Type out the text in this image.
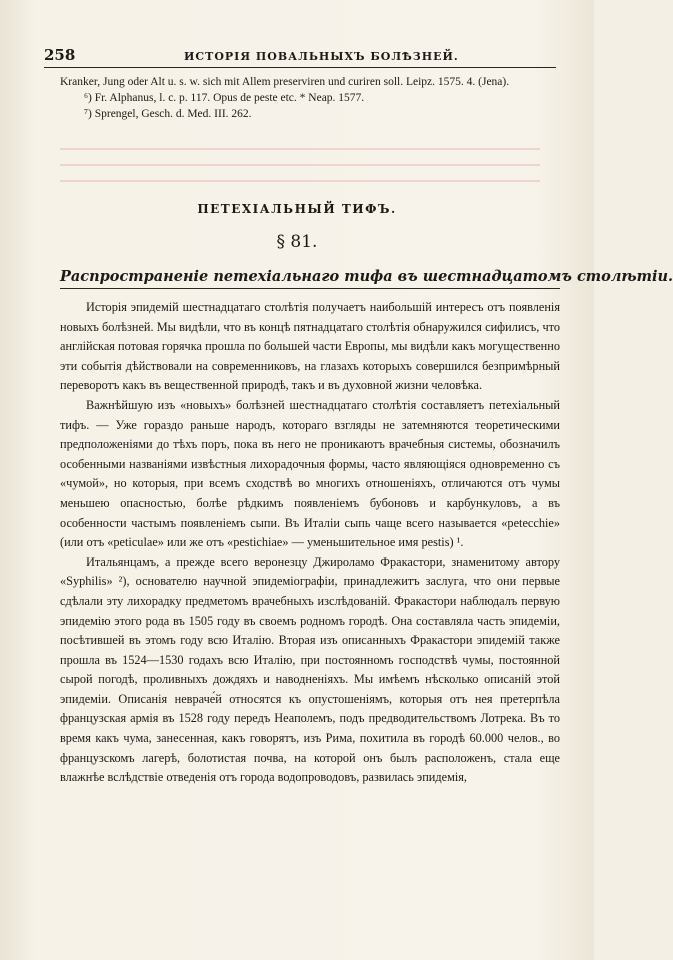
258	ИСТОРІЯ ПОВАЛЬНЫХЪ БОЛѢЗНЕЙ.

Kranker, Jung oder Alt u. s. w. sich mit Allem preserviren und curiren soll. Leipz. 1575. 4. (Jena).

⁶) Fr. Alphanus, l. c. p. 117. Opus de peste etc. * Neap. 1577.

⁷) Sprengel, Gesch. d. Med. III. 262.

ПЕТЕХІАЛЬНЫЙ ТИФЪ.
§ 81.
Распространеніе петехіальнаго тифа въ шестнадцатомъ столѣтіи.

Исторія эпидемій шестнадцатаго столѣтія получаетъ наибольшій интересъ отъ появленія новыхъ болѣзней. Мы видѣли, что въ концѣ пятнадцатаго столѣтія обнаружился сифилисъ, что англійская потовая горячка прошла по большей части Европы, мы видѣли какъ могущественно эти событія дѣйствовали на современниковъ, на глазахъ которыхъ совершился безпримѣрный переворотъ какъ въ вещественной природѣ, такъ и въ духовной жизни человѣка.

Важнѣйшую изъ «новыхъ» болѣзней шестнадцатаго столѣтія составляетъ петехіальный тифъ. — Уже гораздо раньше народъ, котораго взгляды не затемняются теоретическими предположеніями до тѣхъ поръ, пока въ него не проникаютъ врачебныя системы, обозначилъ особенными названіями извѣстныя лихорадочныя формы, часто являющіяся одновременно съ «чумой», но которыя, при всемъ сходствѣ во многихъ отношеніяхъ, отличаются отъ чумы меньшею опасностью, болѣе рѣдкимъ появленіемъ бубоновъ и карбункуловъ, а въ особенности частымъ появленіемъ сыпи. Въ Италіи сыпь чаще всего называется «petecchie» (или отъ «peticulae» или же отъ «pestichiae» — уменьшительное имя pestis) ¹.

Итальянцамъ, а прежде всего веронезцу Джироламо Фракастори, знаменитому автору «Syphilis» ²), основателю научной эпидеміографіи, принадлежитъ заслуга, что они первые сдѣлали эту лихорадку предметомъ врачебныхъ изслѣдованій. Фракастори наблюдалъ первую эпидемію этого рода въ 1505 году въ своемъ родномъ городѣ. Она составляла часть эпидеміи, посѣтившей въ этомъ году всю Италію. Вторая изъ описанныхъ Фракастори эпидемій также прошла въ 1524—1530 годахъ всю Италію, при постоянномъ господствѣ чумы, постоянной сырой погодѣ, проливныхъ дождяхъ и наводненіяхъ. Мы имѣемъ нѣсколько описаній этой эпидеміи. Описанія невраче́й относятся къ опустошеніямъ, которыя отъ нея претерпѣла французская армія въ 1528 году передъ Неаполемъ, подъ предводительствомъ Лотрека. Въ то время какъ чума, занесенная, какъ говорятъ, изъ Рима, похитила въ городѣ 60.000 челов., во французскомъ лагерѣ, болотистая почва, на которой онъ былъ расположенъ, стала еще влажнѣе вслѣдствіе отведенія отъ города водопроводовъ, развилась эпидемія,
